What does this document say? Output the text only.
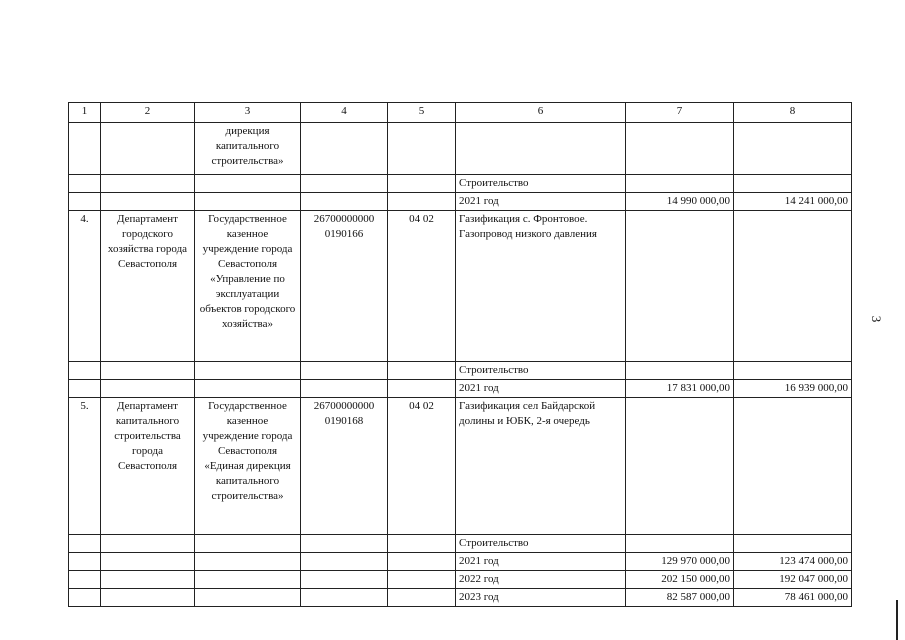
3
1	2	3	4	5	6	7	8
		дирекция капитального строительства»					
					Строительство		
					2021 год	14 990 000,00	14 241 000,00
4.	Департамент городского хозяйства города Севастополя	Государственное казенное учреждение города Севастополя «Управление по эксплуатации объектов городского хозяйства»	26700000000 0190166	04 02	Газификация с. Фронтовое. Газопровод низкого давления		
					Строительство		
					2021 год	17 831 000,00	16 939 000,00
5.	Департамент капитального строительства города Севастополя	Государственное казенное учреждение города Севастополя «Единая дирекция капитального строительства»	26700000000 0190168	04 02	Газификация сел Байдарской долины и ЮБК, 2-я очередь		
					Строительство		
					2021 год	129 970 000,00	123 474 000,00
					2022 год	202 150 000,00	192 047 000,00
					2023 год	82 587 000,00	78 461 000,00
